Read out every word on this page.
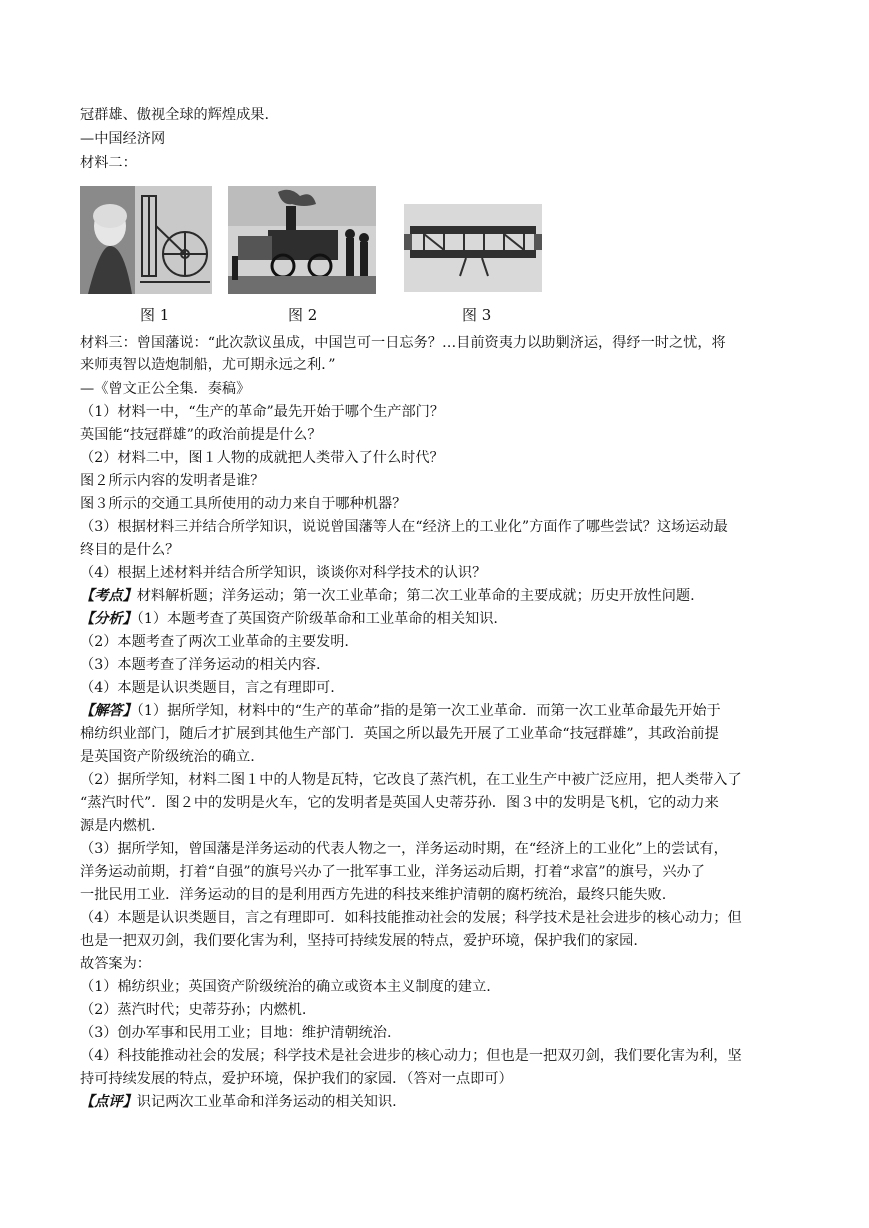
冠群雄、傲视全球的辉煌成果.
—中国经济网
材料二：
图 1	图 2	图 3
材料三：曾国藩说：“此次款议虽成，中国岂可一日忘务？…目前资夷力以助剿济运，得纾一时之忧，将
来师夷智以造炮制船，尤可期永远之利．”
—《曾文正公全集．奏稿》
（1）材料一中，“生产的革命”最先开始于哪个生产部门？
英国能“技冠群雄”的政治前提是什么？
（2）材料二中，图１人物的成就把人类带入了什么时代？
图２所示内容的发明者是谁？
图３所示的交通工具所使用的动力来自于哪种机器？
（3）根据材料三并结合所学知识，说说曾国藩等人在“经济上的工业化”方面作了哪些尝试？这场运动最
终目的是什么？
（4）根据上述材料并结合所学知识，谈谈你对科学技术的认识？
【考点】材料解析题；洋务运动；第一次工业革命；第二次工业革命的主要成就；历史开放性问题.
【分析】（1）本题考查了英国资产阶级革命和工业革命的相关知识.
（2）本题考查了两次工业革命的主要发明.
（3）本题考查了洋务运动的相关内容.
（4）本题是认识类题目，言之有理即可.
【解答】（1）据所学知，材料中的“生产的革命”指的是第一次工业革命．而第一次工业革命最先开始于
棉纺织业部门，随后才扩展到其他生产部门．英国之所以最先开展了工业革命“技冠群雄”，其政治前提
是英国资产阶级统治的确立.
（2）据所学知，材料二图１中的人物是瓦特，它改良了蒸汽机，在工业生产中被广泛应用，把人类带入了
“蒸汽时代”．图２中的发明是火车，它的发明者是英国人史蒂芬孙．图３中的发明是飞机，它的动力来
源是内燃机.
（3）据所学知，曾国藩是洋务运动的代表人物之一，洋务运动时期，在“经济上的工业化”上的尝试有，
洋务运动前期，打着“自强”的旗号兴办了一批军事工业，洋务运动后期，打着“求富”的旗号，兴办了
一批民用工业．洋务运动的目的是利用西方先进的科技来维护清朝的腐朽统治，最终只能失败.
（4）本题是认识类题目，言之有理即可．如科技能推动社会的发展；科学技术是社会进步的核心动力；但
也是一把双刃剑，我们要化害为利，坚持可持续发展的特点，爱护环境，保护我们的家园.
故答案为：
（1）棉纺织业；英国资产阶级统治的确立或资本主义制度的建立.
（2）蒸汽时代；史蒂芬孙；内燃机.
（3）创办军事和民用工业；目地：维护清朝统治.
（4）科技能推动社会的发展；科学技术是社会进步的核心动力；但也是一把双刃剑，我们要化害为利，坚
持可持续发展的特点，爱护环境，保护我们的家园．（答对一点即可）
【点评】识记两次工业革命和洋务运动的相关知识.
